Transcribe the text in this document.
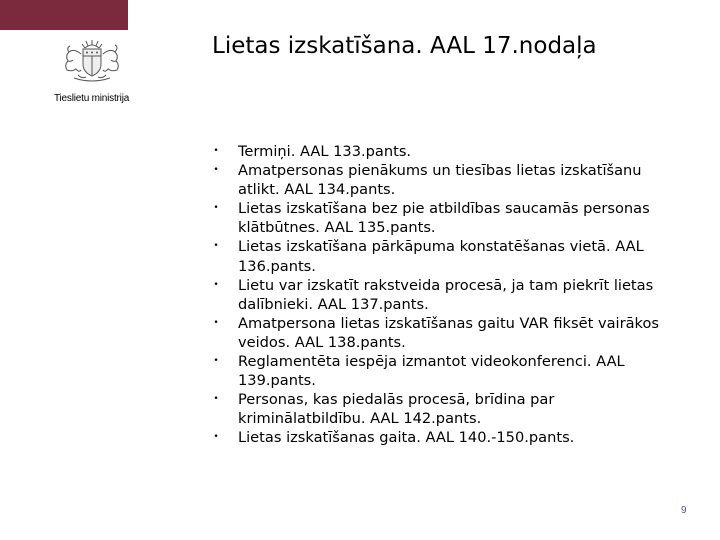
Tieslietu ministrija
Lietas izskatīšana. AAL 17.nodaļa
• Termiņi. AAL 133.pants.
• Amatpersonas pienākums un tiesības lietas izskatīšanu atlikt. AAL 134.pants.
• Lietas izskatīšana bez pie atbildības saucamās personas klātbūtnes. AAL 135.pants.
• Lietas izskatīšana pārkāpuma konstatēšanas vietā. AAL 136.pants.
• Lietu var izskatīt rakstveida procesā, ja tam piekrīt lietas dalībnieki. AAL 137.pants.
• Amatpersona lietas izskatīšanas gaitu VAR fiksēt vairākos veidos. AAL 138.pants.
• Reglamentēta iespēja izmantot videokonferenci. AAL 139.pants.
• Personas, kas piedalās procesā, brīdina par kriminālatbildību. AAL 142.pants.
• Lietas izskatīšanas gaita. AAL 140.-150.pants.
9
